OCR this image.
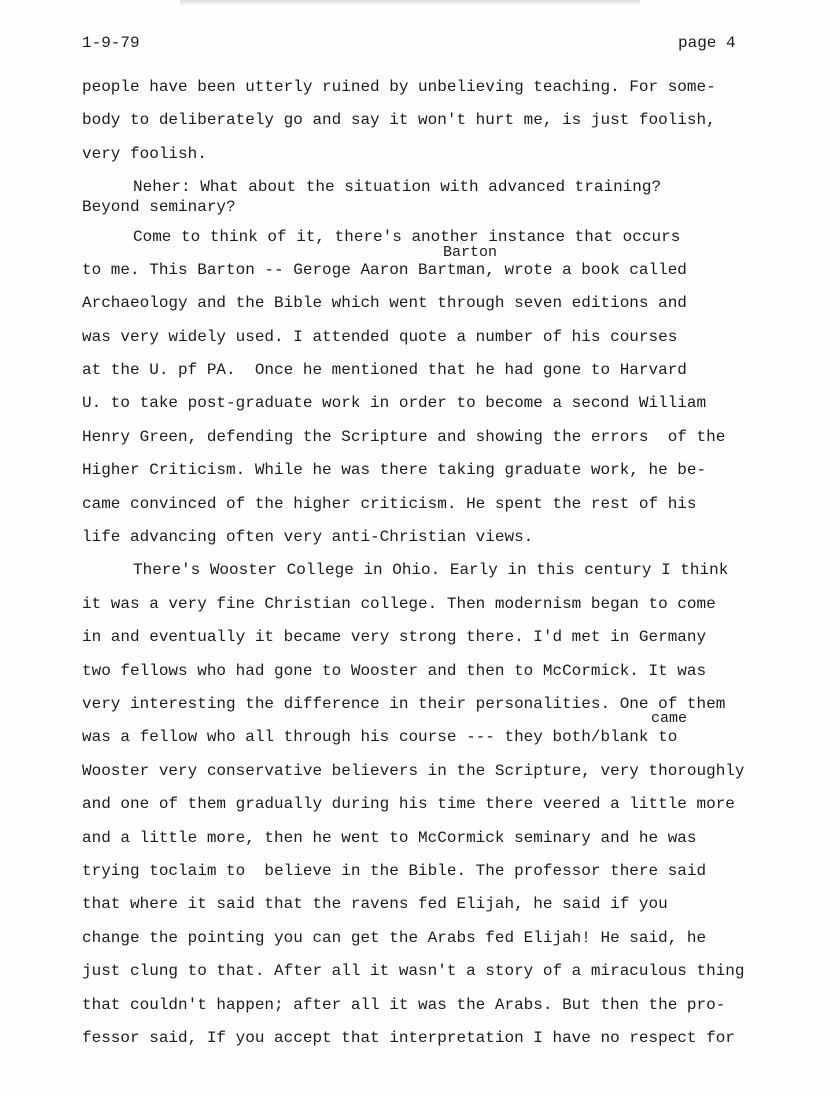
1-9-79	page 4
people have been utterly ruined by unbelieving teaching. For some-
body to deliberately go and say it won't hurt me, is just foolish,
very foolish.
Neher: What about the situation with advanced training?
Beyond seminary?
Come to think of it, there's another instance that occurs
to me. This Barton -- Geroge Aaron Bartman, wrote a book called
Archaeology and the Bible which went through seven editions and
was very widely used. I attended quote a number of his courses
at the U. pf PA.  Once he mentioned that he had gone to Harvard
U. to take post-graduate work in order to become a second William
Henry Green, defending the Scripture and showing the errors  of the
Higher Criticism. While he was there taking graduate work, he be-
came convinced of the higher criticism. He spent the rest of his
life advancing often very anti-Christian views.
There's Wooster College in Ohio. Early in this century I think
it was a very fine Christian college. Then modernism began to come
in and eventually it became very strong there. I'd met in Germany
two fellows who had gone to Wooster and then to McCormick. It was
very interesting the difference in their personalities. One of them
was a fellow who all through his course --- they both/blank to
Wooster very conservative believers in the Scripture, very thoroughly
and one of them gradually during his time there veered a little more
and a little more, then he went to McCormick seminary and he was
trying toclaim to  believe in the Bible. The professor there said
that where it said that the ravens fed Elijah, he said if you
change the pointing you can get the Arabs fed Elijah! He said, he
just clung to that. After all it wasn't a story of a miraculous thing
that couldn't happen; after all it was the Arabs. But then the pro-
fessor said, If you accept that interpretation I have no respect for
Barton
came
